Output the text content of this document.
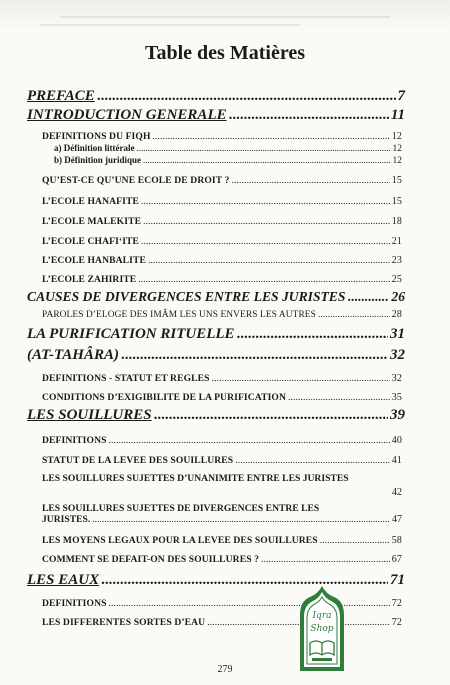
Table des Matières
PREFACE .....	7
INTRODUCTION GENERALE .....	11
DEFINITIONS DU FIQH .....	12
a) Définition littérale .....	12
b) Définition juridique .....	12
QU’EST-CE QU’UNE ECOLE DE DROIT ? .....	15
L’ECOLE HANAFITE .....	15
L’ECOLE MALEKITE .....	18
L’ECOLE CHAFI‘ITE .....	21
L’ECOLE HANBALITE .....	23
L’ECOLE ZAHIRITE .....	25
CAUSES DE DIVERGENCES ENTRE LES JURISTES .....	26
PAROLES D’ELOGE DES IMÂM LES UNS ENVERS LES AUTRES .....	28
LA PURIFICATION RITUELLE .....	31
(AT-TAHÂRA) .....	32
DEFINITIONS - STATUT ET REGLES .....	32
CONDITIONS D’EXIGIBILITE DE LA PURIFICATION .....	35
LES SOUILLURES .....	39
DEFINITIONS .....	40
STATUT DE LA LEVEE DES SOUILLURES .....	41
LES SOUILLURES SUJETTES D’UNANIMITE ENTRE LES JURISTES
42
LES SOUILLURES SUJETTES DE DIVERGENCES ENTRE LES
JURISTES. .....	47
LES MOYENS LEGAUX POUR LA LEVEE DES SOUILLURES .....	58
COMMENT SE DEFAIT-ON DES SOUILLURES ? .....	67
LES EAUX .....	71
DEFINITIONS .....	72
LES DIFFERENTES SORTES D’EAU .....	72
Iqra
Shop
279
